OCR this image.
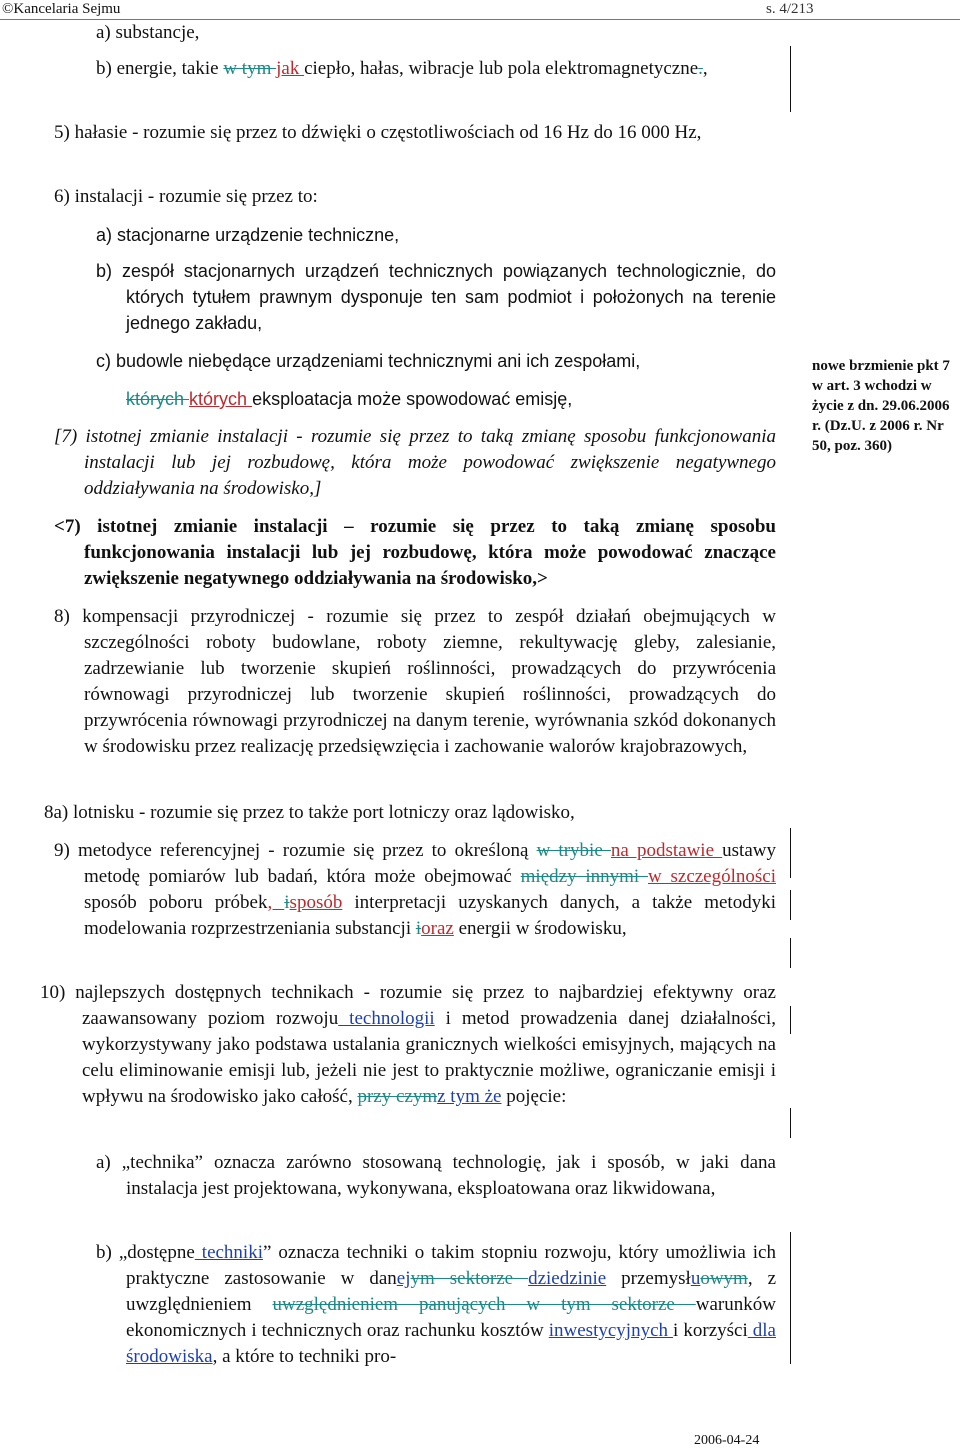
©Kancelaria Sejmu	s. 4/213

a) substancje,

b) energie, takie w tym jak ciepło, hałas, wibracje lub pola elektromagnetyczne.,

5) hałasie - rozumie się przez to dźwięki o częstotliwościach od 16 Hz do 16 000 Hz,

6) instalacji - rozumie się przez to:

a) stacjonarne urządzenie techniczne,

b) zespół stacjonarnych urządzeń technicznych powiązanych technologicznie, do których tytułem prawnym dysponuje ten sam podmiot i położonych na terenie jednego zakładu,

c) budowle niebędące urządzeniami technicznymi ani ich zespołami,

których których eksploatacja może spowodować emisję,

[7) istotnej zmianie instalacji - rozumie się przez to taką zmianę sposobu funkcjonowania instalacji lub jej rozbudowę, która może powodować zwiększenie negatywnego oddziaływania na środowisko,]

<7) istotnej zmianie instalacji – rozumie się przez to taką zmianę sposobu funkcjonowania instalacji lub jej rozbudowę, która może powodować znaczące zwiększenie negatywnego oddziaływania na środowisko,>

8) kompensacji przyrodniczej - rozumie się przez to zespół działań obejmujących w szczególności roboty budowlane, roboty ziemne, rekultywację gleby, zalesianie, zadrzewianie lub tworzenie skupień roślinności, prowadzących do przywrócenia równowagi przyrodniczej lub tworzenie skupień roślinności, prowadzących do przywrócenia równowagi przyrodniczej na danym terenie, wyrównania szkód dokonanych w środowisku przez realizację przedsięwzięcia i zachowanie walorów krajobrazowych,

8a) lotnisku - rozumie się przez to także port lotniczy oraz lądowisko,

9) metodyce referencyjnej - rozumie się przez to określoną w trybie na podstawie ustawy metodę pomiarów lub badań, która może obejmować między innymi w szczególności sposób poboru próbek, isposób interpretacji uzyskanych danych, a także metodyki modelowania rozprzestrzeniania substancji ioraz energii w środowisku,

10) najlepszych dostępnych technikach - rozumie się przez to najbardziej efektywny oraz zaawansowany poziom rozwoju technologii i metod prowadzenia danej działalności, wykorzystywany jako podstawa ustalania granicznych wielkości emisyjnych, mających na celu eliminowanie emisji lub, jeżeli nie jest to praktycznie możliwe, ograniczanie emisji i wpływu na środowisko jako całość, przy czymz tym że pojęcie:

a) „technika” oznacza zarówno stosowaną technologię, jak i sposób, w jaki dana instalacja jest projektowana, wykonywana, eksploatowana oraz likwidowana,

b) „dostępne techniki” oznacza techniki o takim stopniu rozwoju, który umożliwia ich praktyczne zastosowanie w danejym sektorze dziedzinie przemysłuowym, z uwzględnieniem uwzględnieniem panujących w tym sektorze warunków ekonomicznych i technicznych oraz rachunku kosztów inwestycyjnych i korzyści dla środowiska, a które to techniki pro-

nowe brzmienie pkt 7 w art. 3 wchodzi w życie z dn. 29.06.2006 r. (Dz.U. z 2006 r. Nr 50, poz. 360)
2006-04-24
